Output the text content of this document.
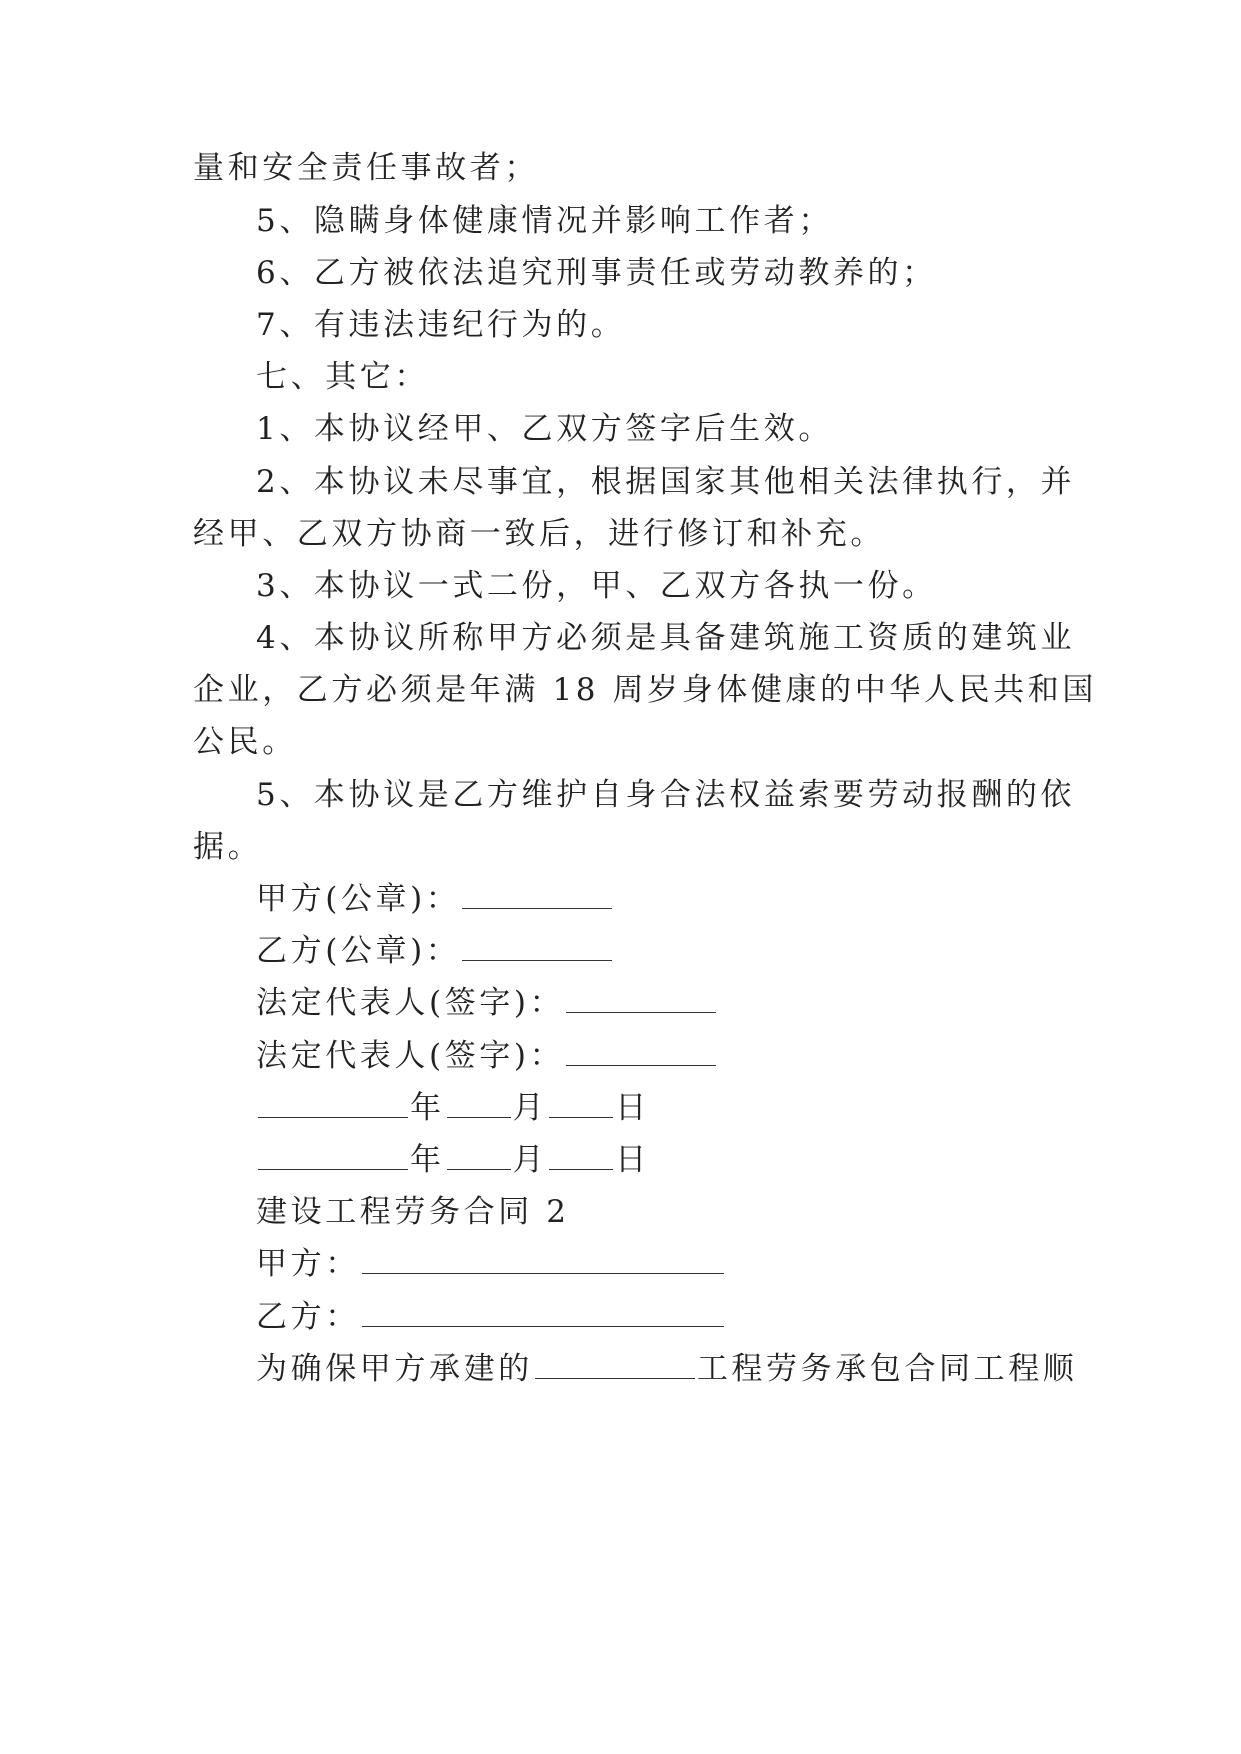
量和安全责任事故者；
5、隐瞒身体健康情况并影响工作者；
6、乙方被依法追究刑事责任或劳动教养的；
7、有违法违纪行为的。
七、其它：
1、本协议经甲、乙双方签字后生效。
2、本协议未尽事宜，根据国家其他相关法律执行，并
经甲、乙双方协商一致后，进行修订和补充。
3、本协议一式二份，甲、乙双方各执一份。
4、本协议所称甲方必须是具备建筑施工资质的建筑业
企业，乙方必须是年满 18 周岁身体健康的中华人民共和国
公民。
5、本协议是乙方维护自身合法权益索要劳动报酬的依
据。
甲方(公章)：
乙方(公章)：
法定代表人(签字)：
法定代表人(签字)：
年 月 日
年 月 日
建设工程劳务合同 2
甲方：
乙方：
为确保甲方承建的	工程劳务承包合同工程顺
